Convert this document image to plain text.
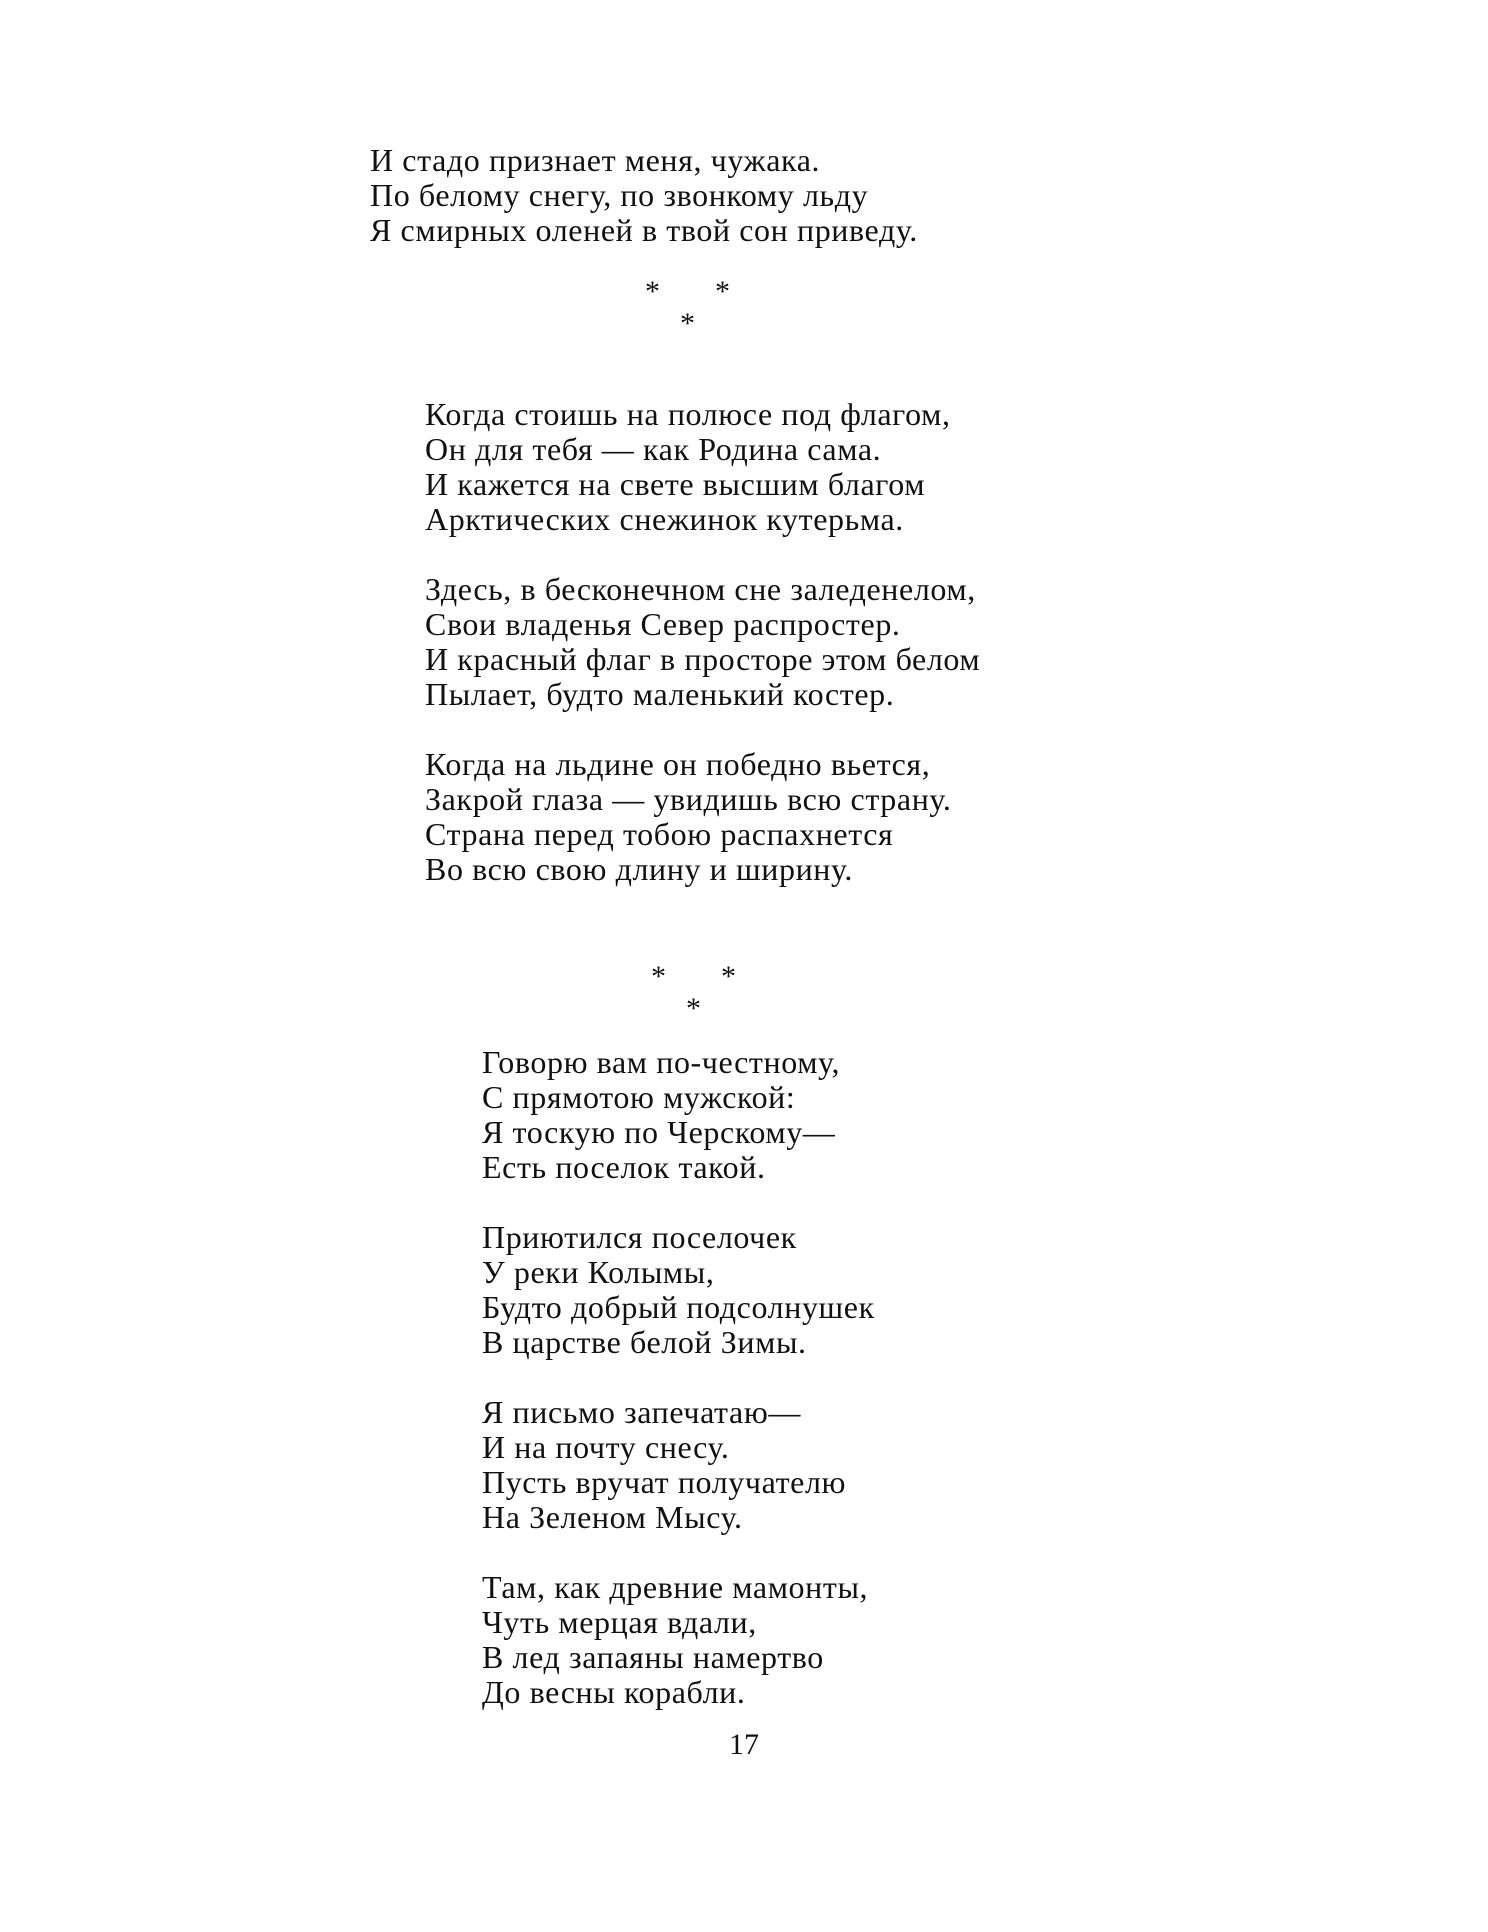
И стадо признает меня, чужака.
По белому снегу, по звонкому льду
Я смирных оленей в твой сон приведу.
* *
*
Когда стоишь на полюсе под флагом,
Он для тебя — как Родина сама.
И кажется на свете высшим благом
Арктических снежинок кутерьма.
Здесь, в бесконечном сне заледенелом,
Свои владенья Север распростер.
И красный флаг в просторе этом белом
Пылает, будто маленький костер.
Когда на льдине он победно вьется,
Закрой глаза — увидишь всю страну.
Страна перед тобою распахнется
Во всю свою длину и ширину.
* *
*
Говорю вам по-честному,
С прямотою мужской:
Я тоскую по Черскому—
Есть поселок такой.
Приютился поселочек
У реки Колымы,
Будто добрый подсолнушек
В царстве белой Зимы.
Я письмо запечатаю—
И на почту снесу.
Пусть вручат получателю
На Зеленом Мысу.
Там, как древние мамонты,
Чуть мерцая вдали,
В лед запаяны намертво
До весны корабли.
17
